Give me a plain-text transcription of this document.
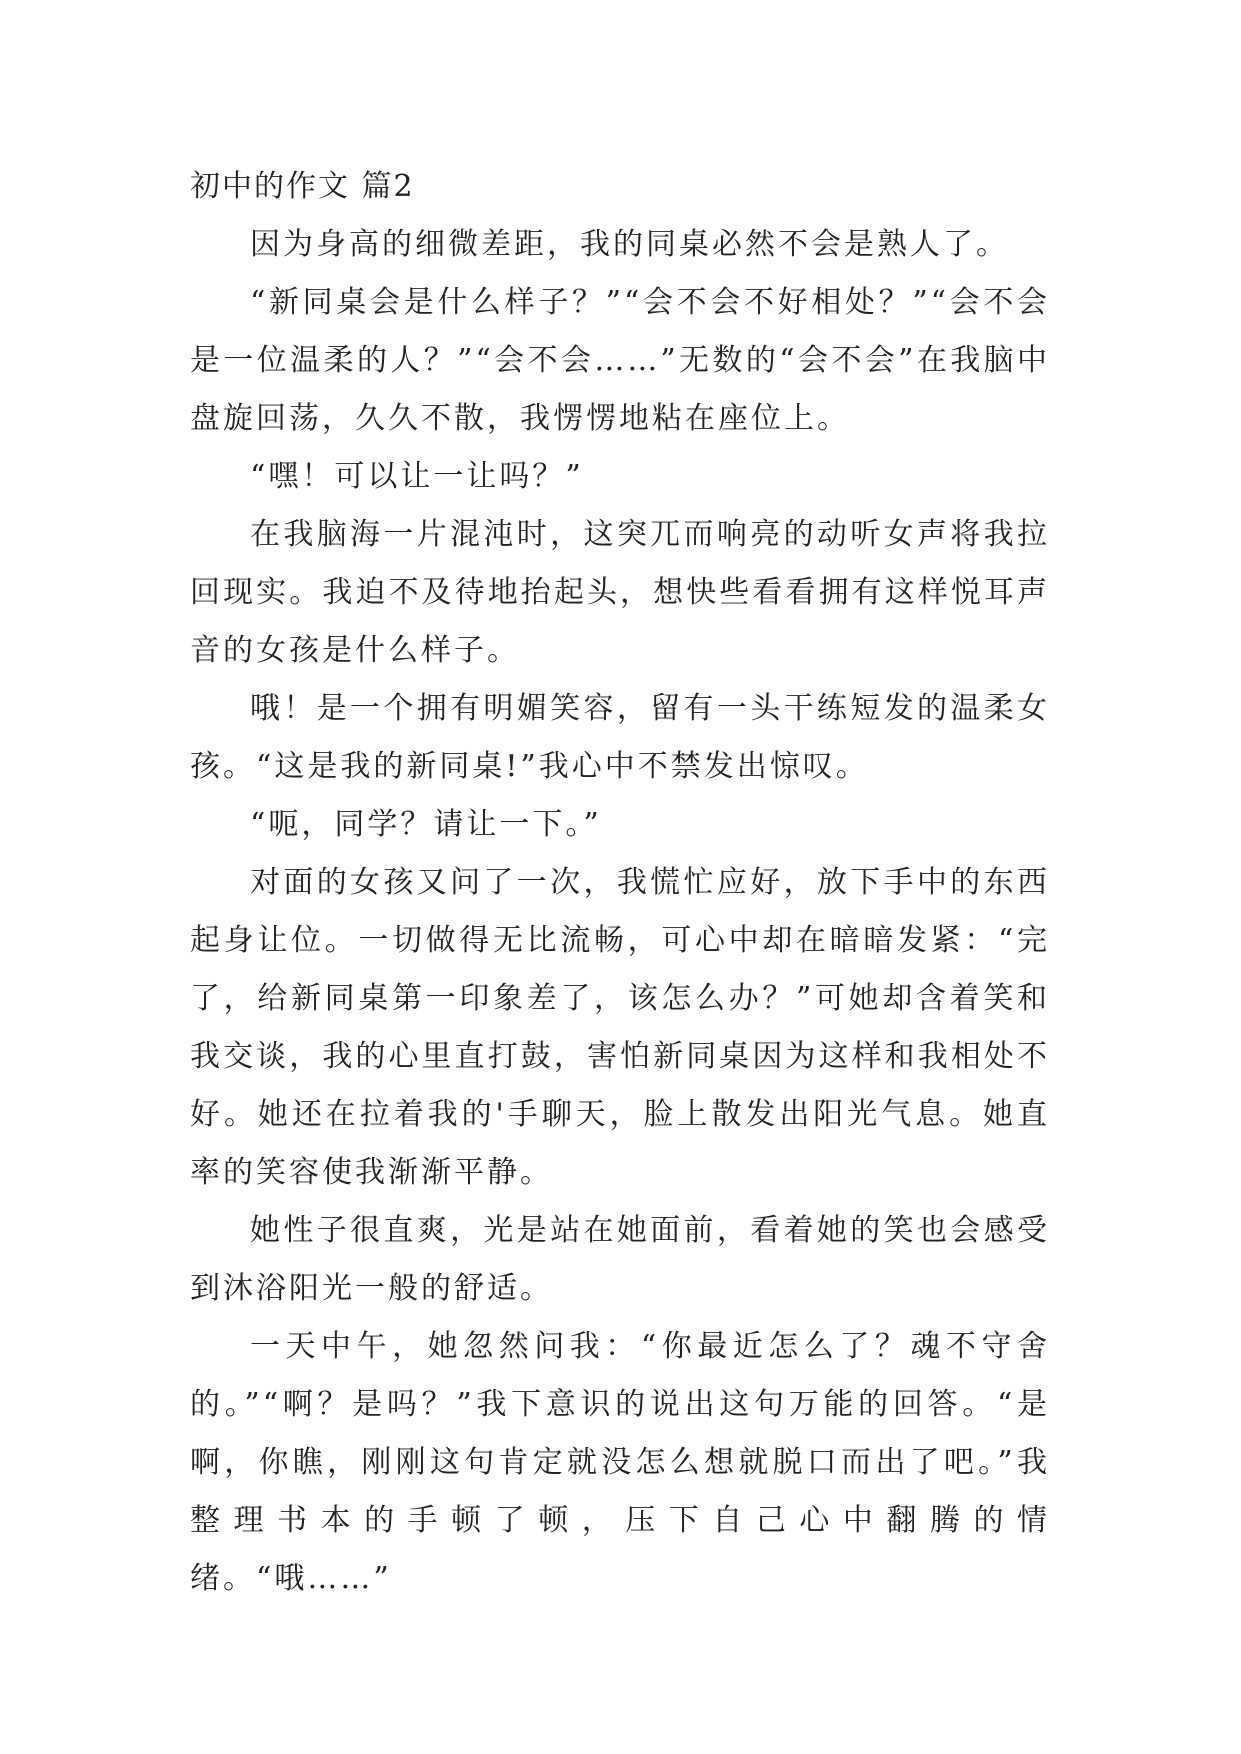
初中的作文 篇2

因为身高的细微差距，我的同桌必然不会是熟人了。

“新同桌会是什么样子？”“会不会不好相处？”“会不会是一位温柔的人？”“会不会……”无数的“会不会”在我脑中盘旋回荡，久久不散，我愣愣地粘在座位上。

“嘿！可以让一让吗？”

在我脑海一片混沌时，这突兀而响亮的动听女声将我拉回现实。我迫不及待地抬起头，想快些看看拥有这样悦耳声音的女孩是什么样子。

哦！是一个拥有明媚笑容，留有一头干练短发的温柔女孩。“这是我的新同桌!”我心中不禁发出惊叹。

“呃，同学？请让一下。”

对面的女孩又问了一次，我慌忙应好，放下手中的东西起身让位。一切做得无比流畅，可心中却在暗暗发紧：“完了，给新同桌第一印象差了，该怎么办？”可她却含着笑和我交谈，我的心里直打鼓，害怕新同桌因为这样和我相处不好。她还在拉着我的'手聊天，脸上散发出阳光气息。她直率的笑容使我渐渐平静。

她性子很直爽，光是站在她面前，看着她的笑也会感受到沐浴阳光一般的舒适。

一天中午，她忽然问我：“你最近怎么了？魂不守舍的。”“啊？是吗？”我下意识的说出这句万能的回答。“是啊，你瞧，刚刚这句肯定就没怎么想就脱口而出了吧。”我整理书本的手顿了顿，压下自己心中翻腾的情绪。“哦……”
